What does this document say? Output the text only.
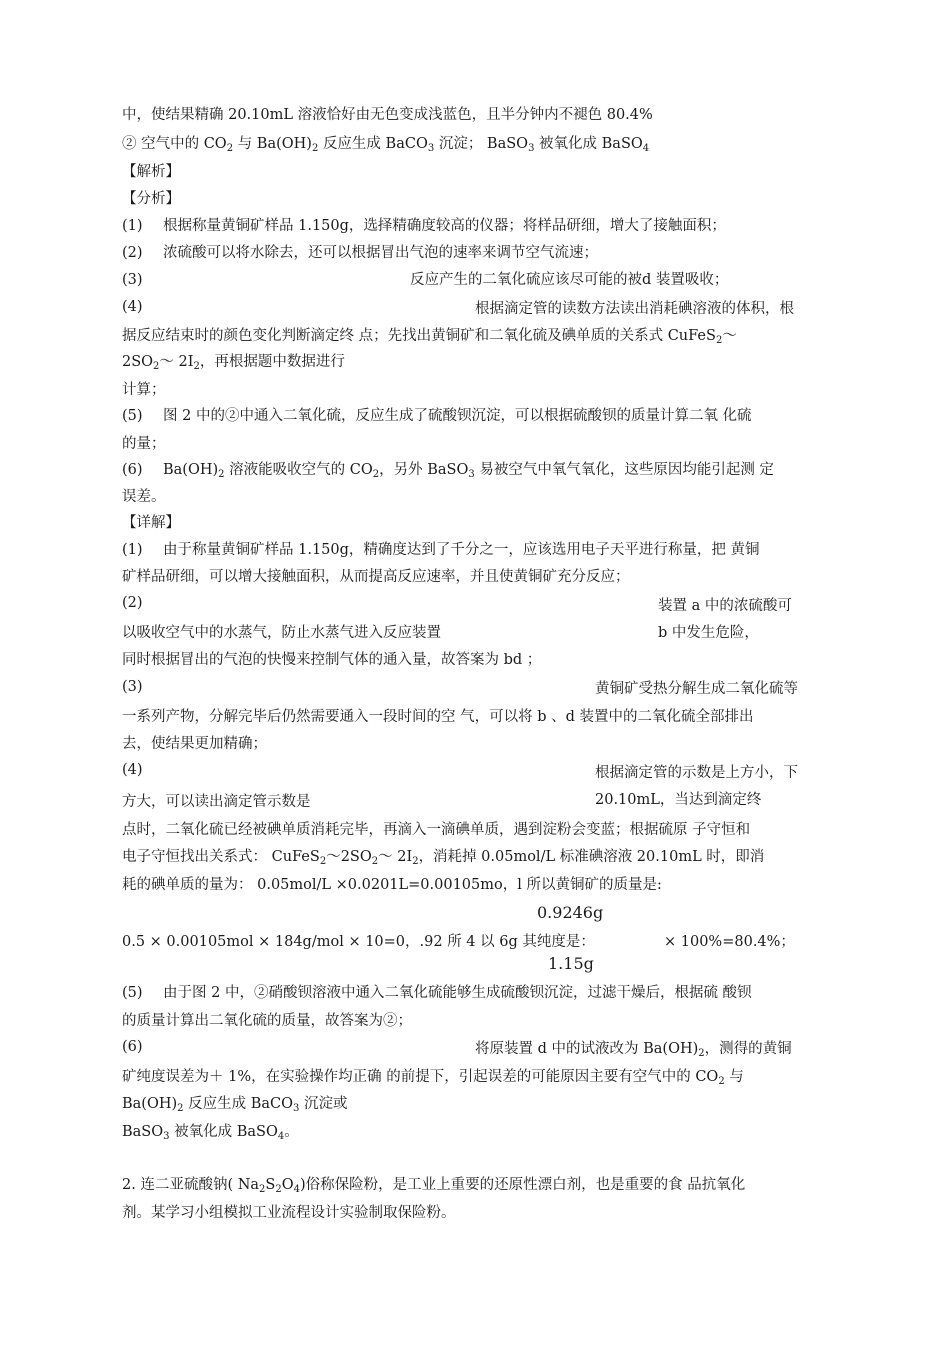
中，使结果精确 20.10mL 溶液恰好由无色变成浅蓝色，且半分钟内不褪色 80.4%
② 空气中的 $CO_2$ 与 $Ba(OH)_2$ 反应生成 BaCO$_3$ 沉淀； BaSO$_3$ 被氧化成 BaSO$_4$
【解析】
【分析】
(1) 根据称量黄铜矿样品 1.150g，选择精确度较高的仪器；将样品研细，增大了接触面积；
(2) 浓硫酸可以将水除去，还可以根据冒出气泡的速率来调节空气流速；
(3)	反应产生的二氧化硫应该尽可能的被d 装置吸收；
(4)	根据滴定管的读数方法读出消耗碘溶液的体积，根
据反应结束时的颜色变化判断滴定终 点；先找出黄铜矿和二氧化硫及碘单质的关系式 CuFeS$_2$～
$2SO_2\sim$ $2I_2$，再根据题中数据进行
计算；
(5) 图 2 中的②中通入二氧化硫，反应生成了硫酸钡沉淀，可以根据硫酸钡的质量计算二氧 化硫
的量；
(6) $Ba(OH)_2$ 溶液能吸收空气的 $CO_2$，另外 BaSO$_3$ 易被空气中氧气氧化，这些原因均能引起测 定
误差。
【详解】
(1) 由于称量黄铜矿样品 1.150g，精确度达到了千分之一，应该选用电子天平进行称量，把 黄铜
矿样品研细，可以增大接触面积，从而提高反应速率，并且使黄铜矿充分反应；
(2)	装置 a 中的浓硫酸可
以吸收空气中的水蒸气，防止水蒸气进入反应装置	b 中发生危险，
同时根据冒出的气泡的快慢来控制气体的通入量，故答案为 bd ；
(3)	黄铜矿受热分解生成二氧化硫等
一系列产物，分解完毕后仍然需要通入一段时间的空 气，可以将 b 、d 装置中的二氧化硫全部排出
去，使结果更加精确；
(4)	根据滴定管的示数是上方小，下
方大，可以读出滴定管示数是	20.10mL，当达到滴定终
点时，二氧化硫已经被碘单质消耗完毕，再滴入一滴碘单质，遇到淀粉会变蓝；根据硫原 子守恒和
电子守恒找出关系式： $CuFeS_2\sim 2SO_2\sim$ $2I_2$，消耗掉 0.05mol/L 标准碘溶液 20.10mL 时，即消
耗的碘单质的量为： 0.05mol/L ×0.0201L=0.00105mo，l 所以黄铜矿的质量是:
0.9246g
0.5 × 0.00105mol × 184g/mol × 10=0，.92 所 4 以 6g 其纯度是：	× 100%=80.4%；
1.15g
(5) 由于图 2 中，②硝酸钡溶液中通入二氧化硫能够生成硫酸钡沉淀，过滤干燥后，根据硫 酸钡
的质量计算出二氧化硫的质量，故答案为②；
(6)	将原装置 d 中的试液改为 $Ba(OH)_2$，测得的黄铜
矿纯度误差为＋ 1%，在实验操作均正确 的前提下，引起误差的可能原因主要有空气中的 $CO_2$ 与
$Ba(OH)_2$ 反应生成 BaCO$_3$ 沉淀或
BaSO$_3$ 被氧化成 BaSO$_4$。
2. 连二亚硫酸钠( $Na_2S_2O_4$)俗称保险粉，是工业上重要的还原性漂白剂，也是重要的食 品抗氧化
剂。某学习小组模拟工业流程设计实验制取保险粉。
